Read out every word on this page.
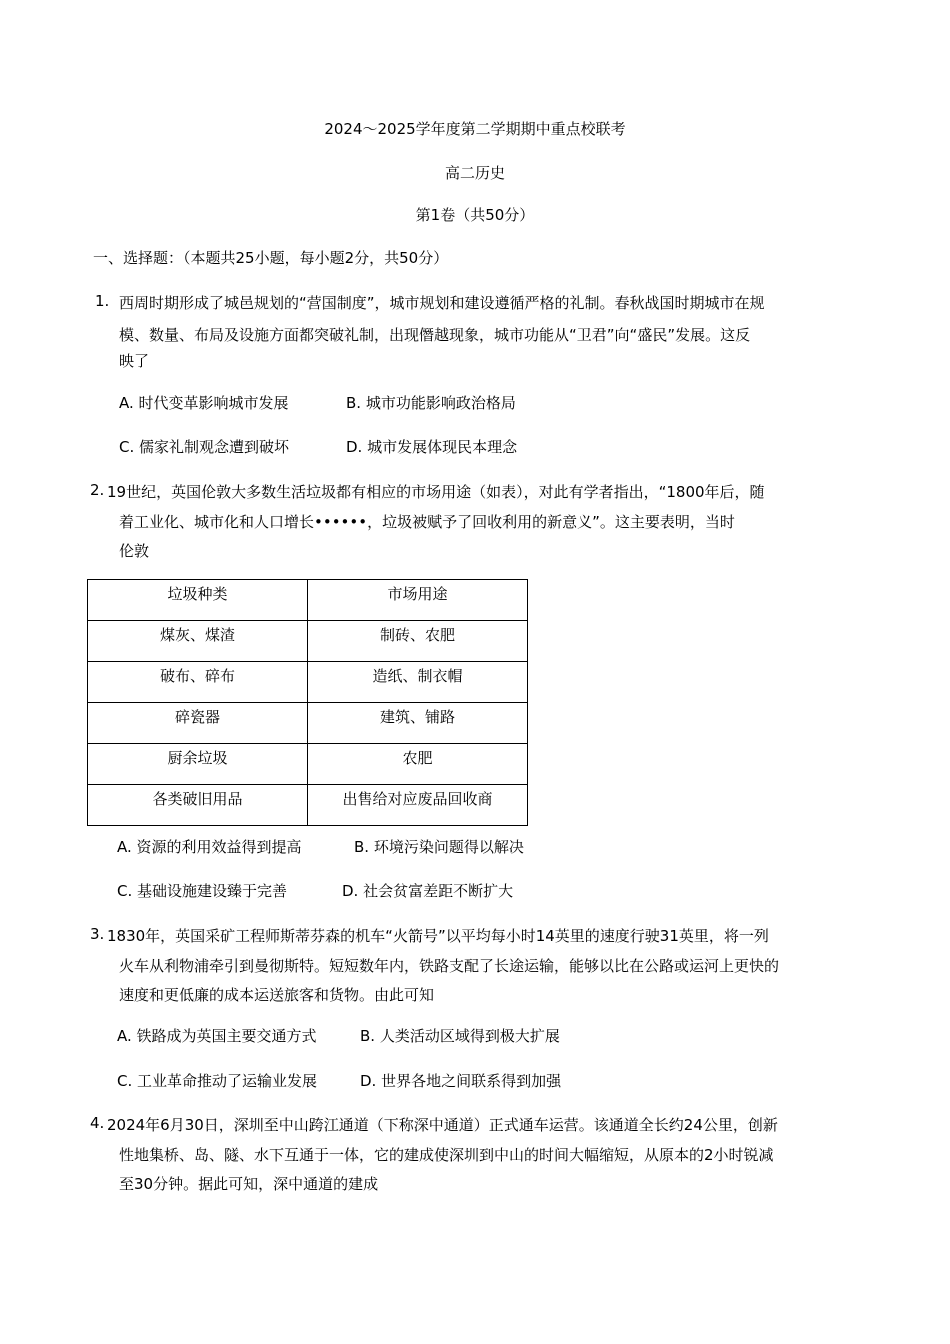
2024～2025学年度第二学期期中重点校联考
高二历史
第1卷（共50分）
一、选择题：（本题共25小题，每小题2分，共50分）
1. 西周时期形成了城邑规划的“营国制度”，城市规划和建设遵循严格的礼制。春秋战国时期城市在规
模、数量、布局及设施方面都突破礼制，出现僭越现象，城市功能从“卫君”向“盛民”发展。这反
映了
A. 时代变革影响城市发展	B. 城市功能影响政治格局
C. 儒家礼制观念遭到破坏	D. 城市发展体现民本理念
2. 19世纪，英国伦敦大多数生活垃圾都有相应的市场用途（如表），对此有学者指出，“1800年后，随
着工业化、城市化和人口增长••••••，垃圾被赋予了回收利用的新意义”。这主要表明，当时
伦敦
垃圾种类	市场用途
煤灰、煤渣	制砖、农肥
破布、碎布	造纸、制衣帽
碎瓷器	建筑、铺路
厨余垃圾	农肥
各类破旧用品	出售给对应废品回收商
A. 资源的利用效益得到提高	B. 环境污染问题得以解决
C. 基础设施建设臻于完善	D. 社会贫富差距不断扩大
3. 1830年，英国采矿工程师斯蒂芬森的机车“火箭号”以平均每小时14英里的速度行驶31英里，将一列
火车从利物浦牵引到曼彻斯特。短短数年内，铁路支配了长途运输，能够以比在公路或运河上更快的
速度和更低廉的成本运送旅客和货物。由此可知
A. 铁路成为英国主要交通方式	B. 人类活动区域得到极大扩展
C. 工业革命推动了运输业发展	D. 世界各地之间联系得到加强
4. 2024年6月30日，深圳至中山跨江通道（下称深中通道）正式通车运营。该通道全长约24公里，创新
性地集桥、岛、隧、水下互通于一体，它的建成使深圳到中山的时间大幅缩短，从原本的2小时锐减
至30分钟。据此可知，深中通道的建成
